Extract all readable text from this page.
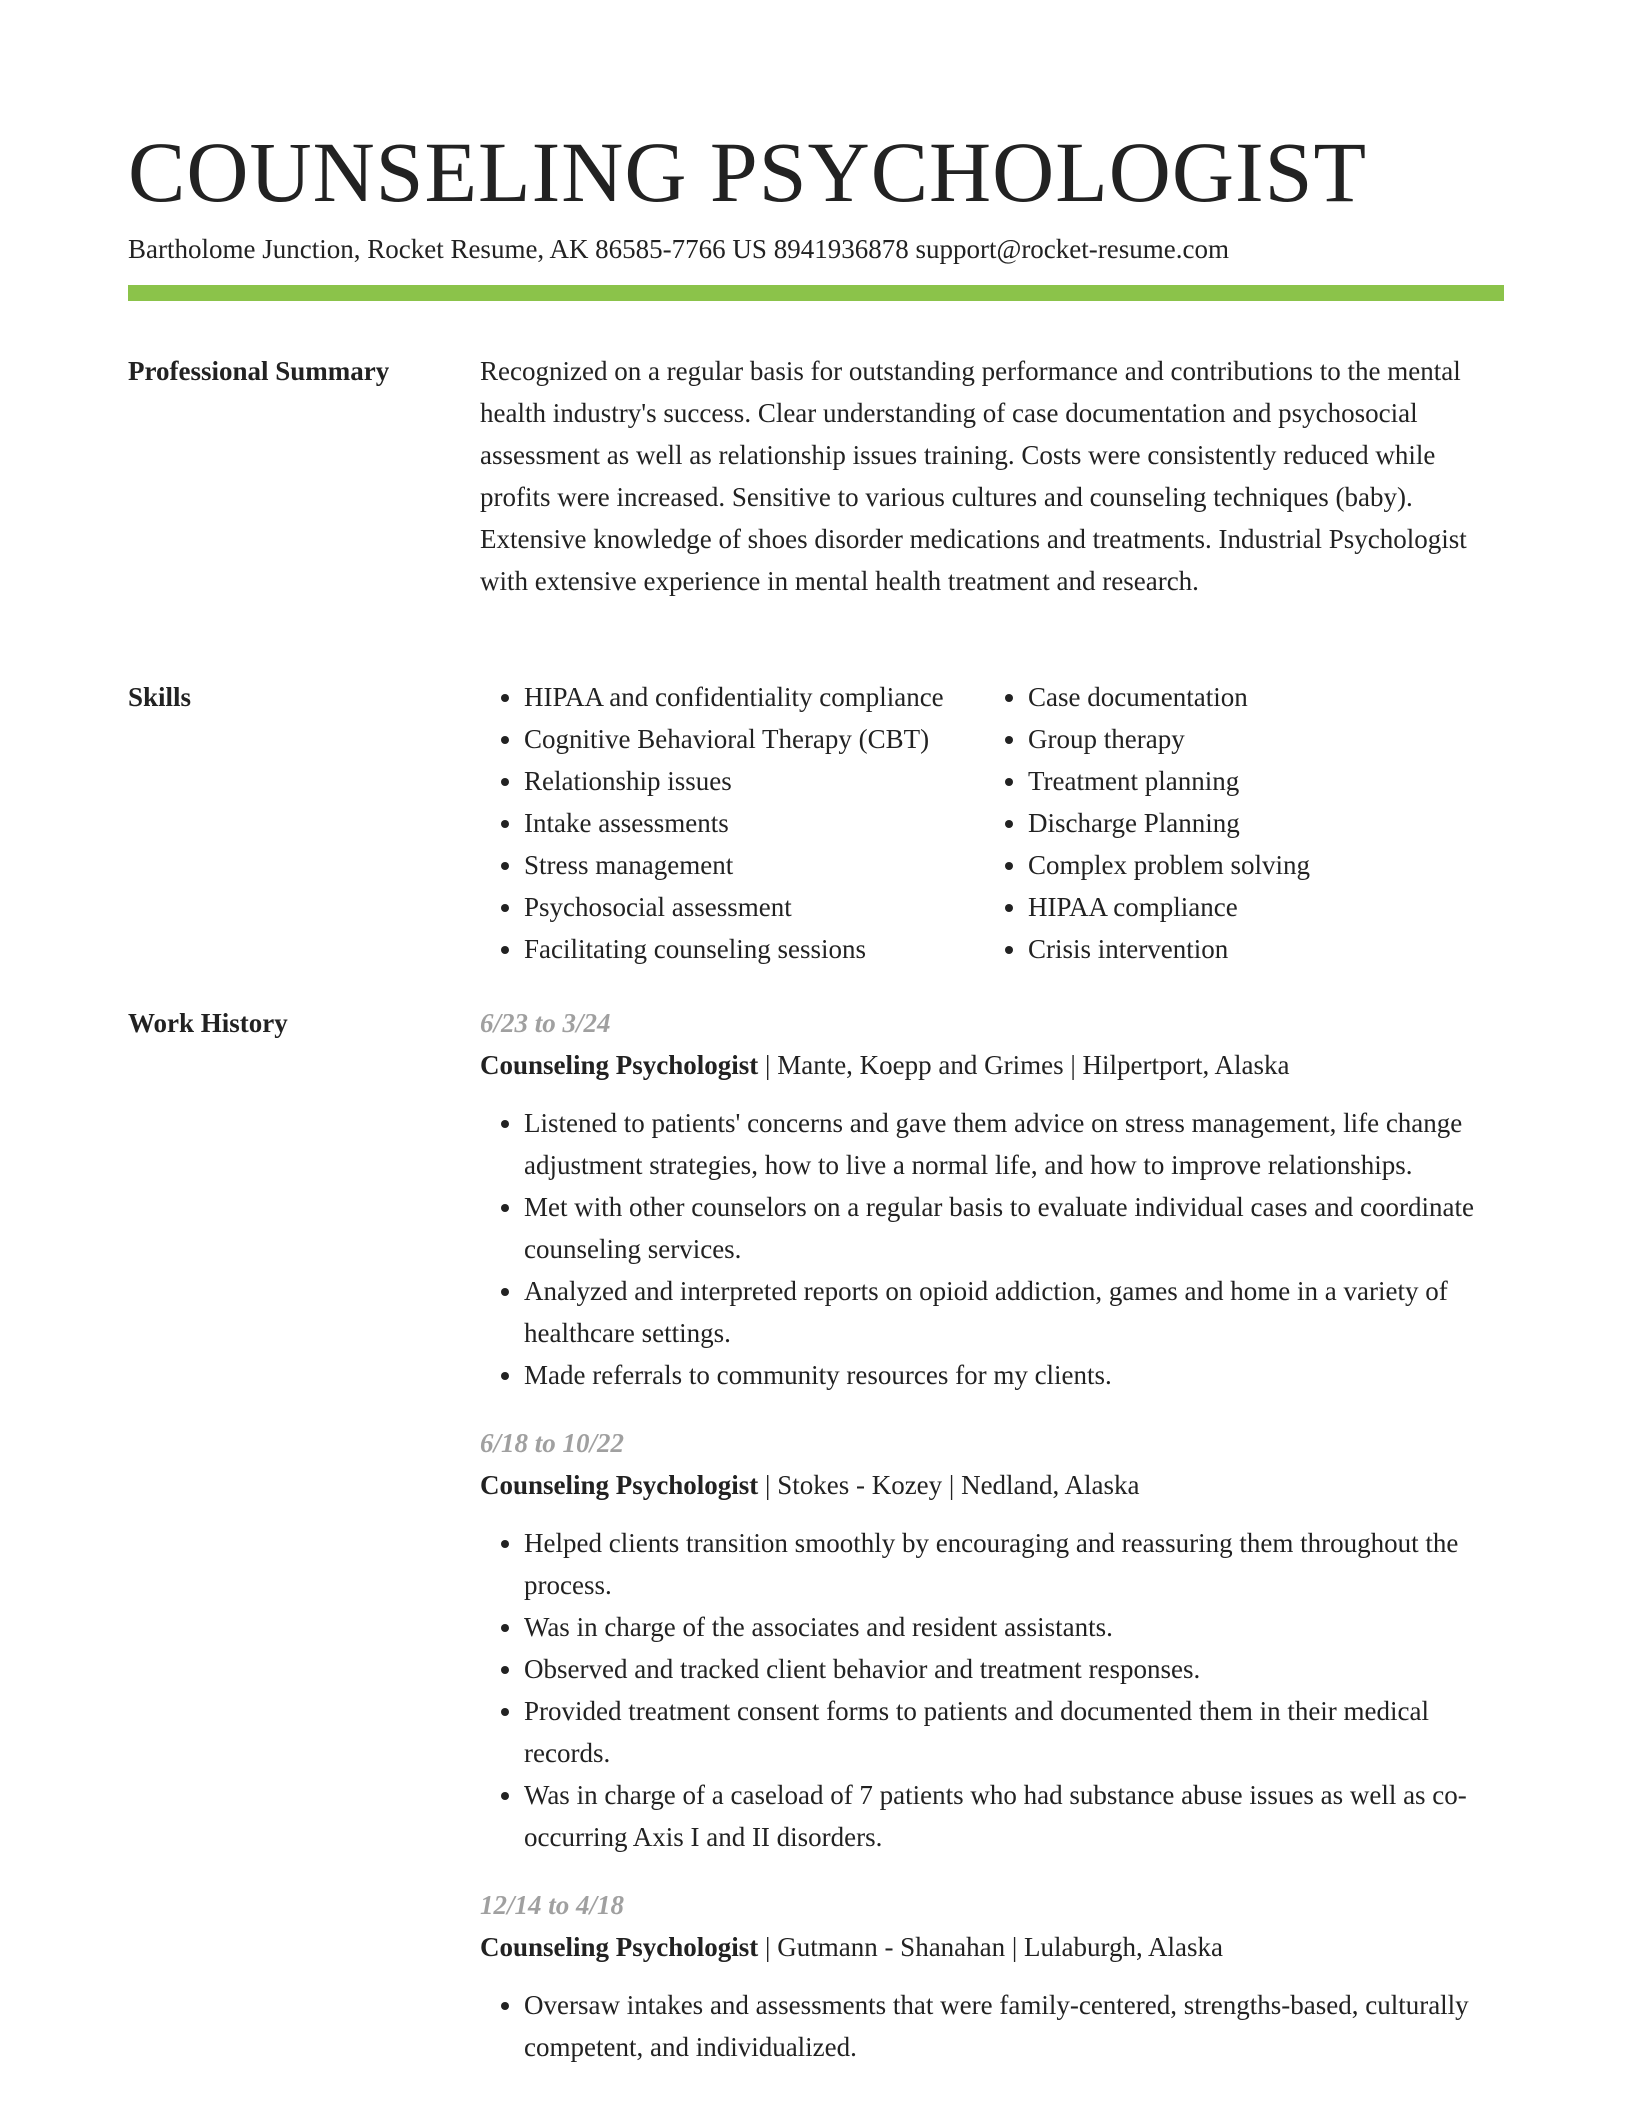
COUNSELING PSYCHOLOGIST
Bartholome Junction, Rocket Resume, AK 86585-7766 US 8941936878 support@rocket-resume.com
Professional Summary	Recognized on a regular basis for outstanding performance and contributions to the mental health industry's success. Clear understanding of case documentation and psychosocial assessment as well as relationship issues training. Costs were consistently reduced while profits were increased. Sensitive to various cultures and counseling techniques (baby). Extensive knowledge of shoes disorder medications and treatments. Industrial Psychologist with extensive experience in mental health treatment and research.

Skills
•	HIPAA and confidentiality compliance
• Cognitive Behavioral Therapy (CBT)
• Relationship issues
• Intake assessments
• Stress management
• Psychosocial assessment
• Facilitating counseling sessions
• Case documentation
• Group therapy
• Treatment planning
• Discharge Planning
• Complex problem solving
• HIPAA compliance
• Crisis intervention
Work History	6/23 to 3/24
Counseling Psychologist | Mante, Koepp and Grimes | Hilpertport, Alaska
• Listened to patients' concerns and gave them advice on stress management, life change adjustment strategies, how to live a normal life, and how to improve relationships.
• Met with other counselors on a regular basis to evaluate individual cases and coordinate counseling services.
• Analyzed and interpreted reports on opioid addiction, games and home in a variety of healthcare settings.
• Made referrals to community resources for my clients.
6/18 to 10/22
Counseling Psychologist | Stokes - Kozey | Nedland, Alaska
• Helped clients transition smoothly by encouraging and reassuring them throughout the process.
• Was in charge of the associates and resident assistants.
• Observed and tracked client behavior and treatment responses.
• Provided treatment consent forms to patients and documented them in their medical records.
• Was in charge of a caseload of 7 patients who had substance abuse issues as well as co-occurring Axis I and II disorders.
12/14 to 4/18
Counseling Psychologist | Gutmann - Shanahan | Lulaburgh, Alaska
• Oversaw intakes and assessments that were family-centered, strengths-based, culturally competent, and individualized.
